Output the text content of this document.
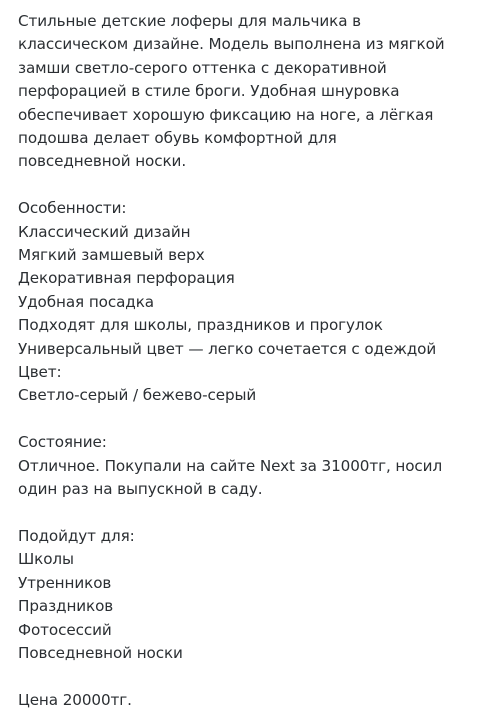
Стильные детские лоферы для мальчика в
классическом дизайне. Модель выполнена из мягкой
замши светло-серого оттенка с декоративной
перфорацией в стиле броги. Удобная шнуровка
обеспечивает хорошую фиксацию на ноге, а лёгкая
подошва делает обувь комфортной для
повседневной носки.
Особенности:
Классический дизайн
Мягкий замшевый верх
Декоративная перфорация
Удобная посадка
Подходят для школы, праздников и прогулок
Универсальный цвет — легко сочетается с одеждой
Цвет:
Светло-серый / бежево-серый
Состояние:
Отличное. Покупали на сайте Next за 31000тг, носил
один раз на выпускной в саду.
Подойдут для:
Школы
Утренников
Праздников
Фотосессий
Повседневной носки
Цена 20000тг.
